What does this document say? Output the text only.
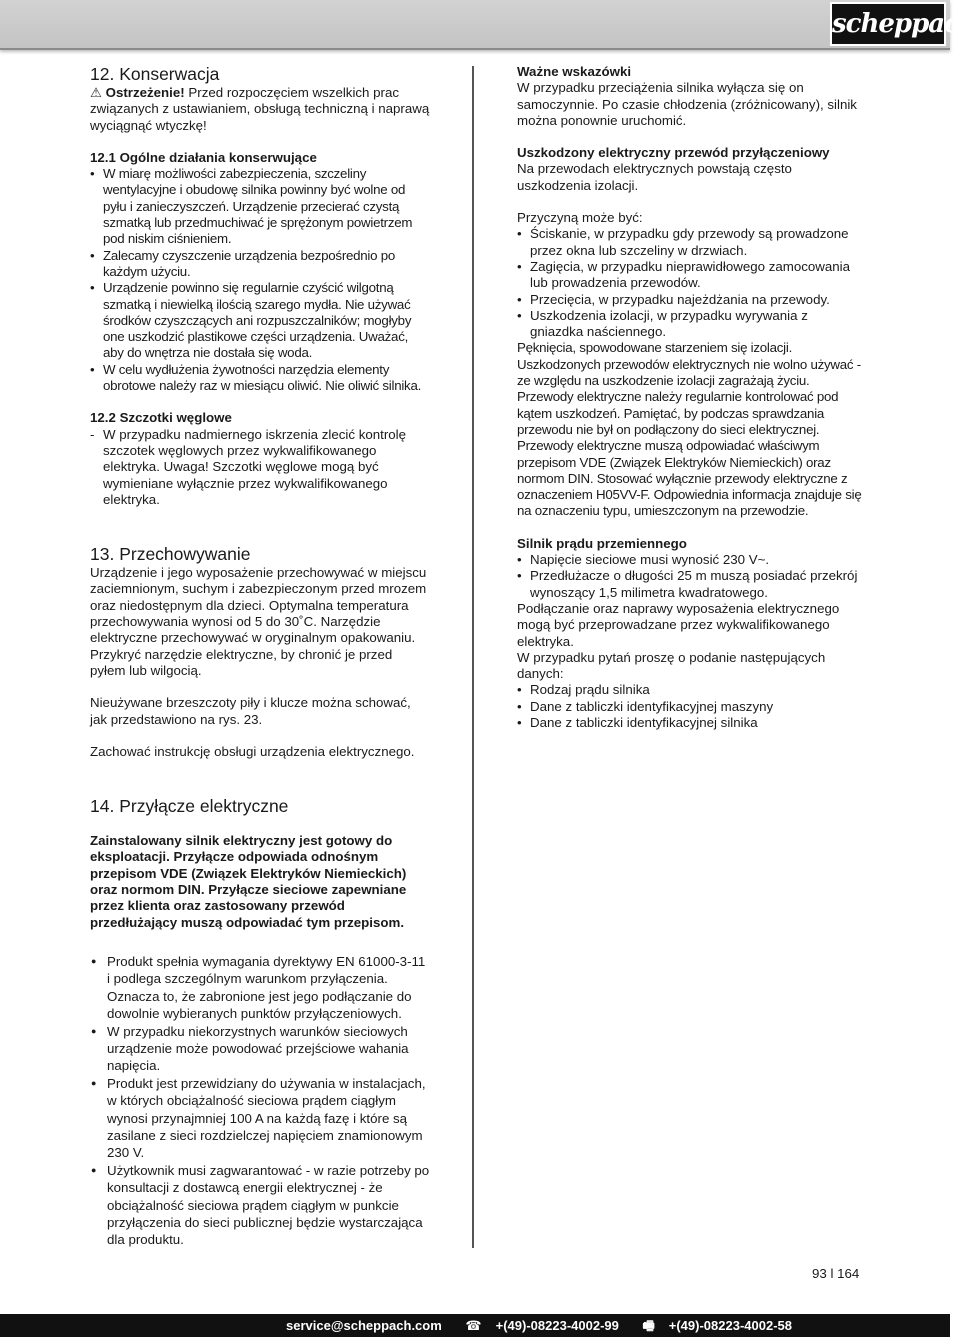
scheppach
12. Konserwacja

⚠ Ostrzeżenie! Przed rozpoczęciem wszelkich prac związanych z ustawianiem, obsługą techniczną i naprawą wyciągnąć wtyczkę!

12.1 Ogólne działania konserwujące
• W miarę możliwości zabezpieczenia, szczeliny wentylacyjne i obudowę silnika powinny być wolne od pyłu i zanieczyszczeń. Urządzenie przecierać czystą szmatką lub przedmuchiwać je sprężonym powietrzem pod niskim ciśnieniem.
• Zalecamy czyszczenie urządzenia bezpośrednio po każdym użyciu.
• Urządzenie powinno się regularnie czyścić wilgotną szmatką i niewielką ilością szarego mydła. Nie używać środków czyszczących ani rozpuszczalników; mogłyby one uszkodzić plastikowe części urządzenia. Uważać, aby do wnętrza nie dostała się woda.
• W celu wydłużenia żywotności narzędzia elementy obrotowe należy raz w miesiącu oliwić. Nie oliwić silnika.
12.2 Szczotki węglowe
- W przypadku nadmiernego iskrzenia zlecić kontrolę szczotek węglowych przez wykwalifikowanego elektryka. Uwaga! Szczotki węglowe mogą być wymieniane wyłącznie przez wykwalifikowanego elektryka.
13. Przechowywanie

Urządzenie i jego wyposażenie przechowywać w miejscu zaciemnionym, suchym i zabezpieczonym przed mrozem oraz niedostępnym dla dzieci. Optymalna temperatura przechowywania wynosi od 5 do 30˚C. Narzędzie elektryczne przechowywać w oryginalnym opakowaniu.

Przykryć narzędzie elektryczne, by chronić je przed pyłem lub wilgocią.

Nieużywane brzeszczoty piły i klucze można schować, jak przedstawiono na rys. 23.

Zachować instrukcję obsługi urządzenia elektrycznego.

14. Przyłącze elektryczne

Zainstalowany silnik elektryczny jest gotowy do eksploatacji. Przyłącze odpowiada odnośnym przepisom VDE (Związek Elektryków Niemieckich) oraz normom DIN. Przyłącze sieciowe zapewniane przez klienta oraz zastosowany przewód przedłużający muszą odpowiadać tym przepisom.

● Produkt spełnia wymagania dyrektywy EN 61000-3-11 i podlega szczególnym warunkom przyłączenia. Oznacza to, że zabronione jest jego podłączanie do dowolnie wybieranych punktów przyłączeniowych.
● W przypadku niekorzystnych warunków sieciowych urządzenie może powodować przejściowe wahania napięcia.
● Produkt jest przewidziany do używania w instalacjach, w których obciążalność sieciowa prądem ciągłym wynosi przynajmniej 100 A na każdą fazę i które są zasilane z sieci rozdzielczej napięciem znamionowym 230 V.
● Użytkownik musi zagwarantować - w razie potrzeby po konsultacji z dostawcą energii elektrycznej - że obciążalność sieciowa prądem ciągłym w punkcie przyłączenia do sieci publicznej będzie wystarczająca dla produktu.
Ważne wskazówki

W przypadku przeciążenia silnika wyłącza się on samoczynnie. Po czasie chłodzenia (zróżnicowany), silnik można ponownie uruchomić.

Uszkodzony elektryczny przewód przyłączeniowy

Na przewodach elektrycznych powstają często uszkodzenia izolacji.

Przyczyną może być:

• Ściskanie, w przypadku gdy przewody są prowadzone przez okna lub szczeliny w drzwiach.
• Zagięcia, w przypadku nieprawidłowego zamocowania lub prowadzenia przewodów.
• Przecięcia, w przypadku najeżdżania na przewody.
• Uszkodzenia izolacji, w przypadku wyrywania z gniazdka naściennego.

Pęknięcia, spowodowane starzeniem się izolacji. Uszkodzonych przewodów elektrycznych nie wolno używać - ze względu na uszkodzenie izolacji zagrażają życiu. Przewody elektryczne należy regularnie kontrolować pod kątem uszkodzeń. Pamiętać, by podczas sprawdzania przewodu nie był on podłączony do sieci elektrycznej. Przewody elektryczne muszą odpowiadać właściwym przepisom VDE (Związek Elektryków Niemieckich) oraz normom DIN. Stosować wyłącznie przewody elektryczne z oznaczeniem H05VV-F. Odpowiednia informacja znajduje się na oznaczeniu typu, umieszczonym na przewodzie.

Silnik prądu przemiennego
• Napięcie sieciowe musi wynosić 230 V~.
• Przedłużacze o długości 25 m muszą posiadać przekrój wynoszący 1,5 milimetra kwadratowego.

Podłączanie oraz naprawy wyposażenia elektrycznego mogą być przeprowadzane przez wykwalifikowanego elektryka.

W przypadku pytań proszę o podanie następujących danych:

• Rodzaj prądu silnika
• Dane z tabliczki identyfikacyjnej maszyny
• Dane z tabliczki identyfikacyjnej silnika
93 l 164
service@scheppach.com ☎ +(49)-08223-4002-99 🖷 +(49)-08223-4002-58
